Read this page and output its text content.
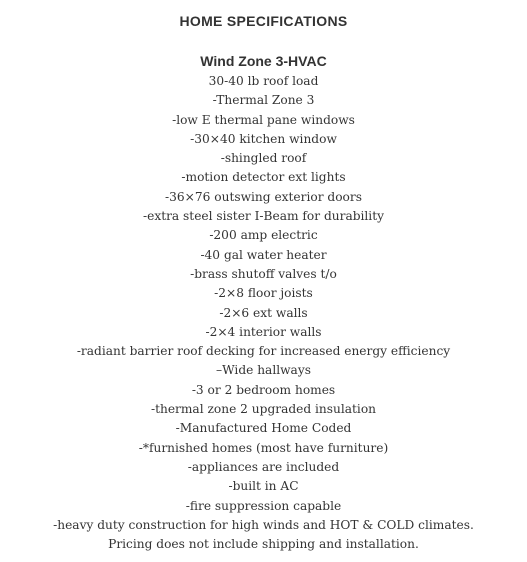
HOME SPECIFICATIONS
Wind Zone 3-HVAC
30-40 lb roof load
-Thermal Zone 3
-low E thermal pane windows
-30×40 kitchen window
-shingled roof
-motion detector ext lights
-36×76 outswing exterior doors
-extra steel sister I-Beam for durability
-200 amp electric
-40 gal water heater
-brass shutoff valves t/o
-2×8 floor joists
-2×6 ext walls
-2×4 interior walls
-radiant barrier roof decking for increased energy efficiency
–Wide hallways
-3 or 2 bedroom homes
-thermal zone 2 upgraded insulation
-Manufactured Home Coded
-*furnished homes (most have furniture)
-appliances are included
-built in AC
-fire suppression capable
-heavy duty construction for high winds and HOT & COLD climates.

Pricing does not include shipping and installation.
